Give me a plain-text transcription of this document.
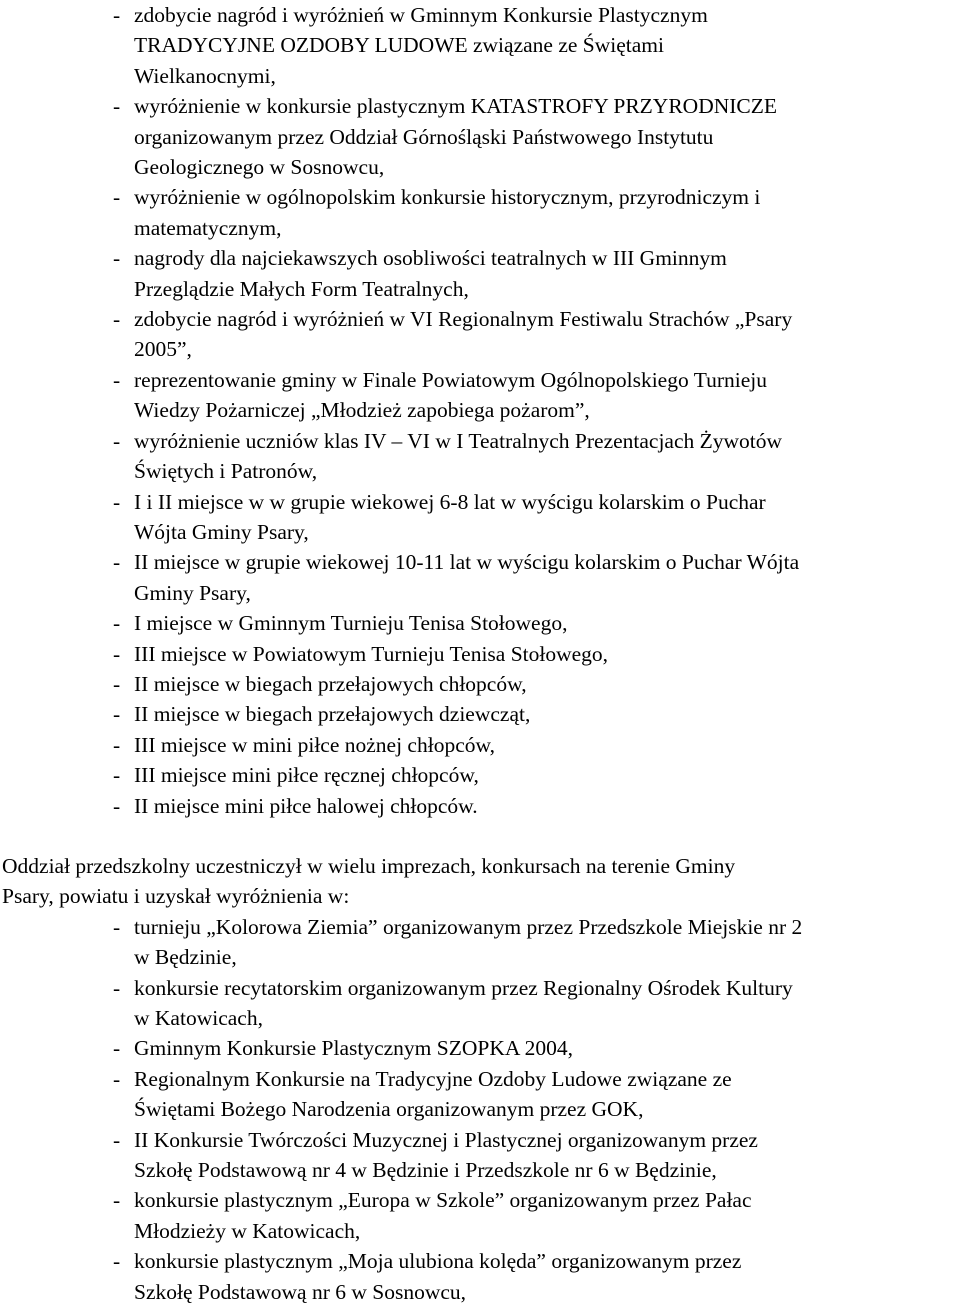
- zdobycie nagród i wyróżnień w Gminnym Konkursie Plastycznym
TRADYCYJNE OZDOBY LUDOWE związane ze Świętami
Wielkanocnymi,
- wyróżnienie w konkursie plastycznym KATASTROFY PRZYRODNICZE
organizowanym przez Oddział Górnośląski Państwowego Instytutu
Geologicznego w Sosnowcu,
- wyróżnienie w ogólnopolskim konkursie historycznym, przyrodniczym i
matematycznym,
- nagrody dla najciekawszych osobliwości teatralnych w III Gminnym
Przeglądzie Małych Form Teatralnych,
- zdobycie nagród i wyróżnień w VI Regionalnym Festiwalu Strachów „Psary
2005”,
- reprezentowanie gminy w Finale Powiatowym Ogólnopolskiego Turnieju
Wiedzy Pożarniczej „Młodzież zapobiega pożarom”,
- wyróżnienie uczniów klas IV – VI w I Teatralnych Prezentacjach Żywotów
Świętych i Patronów,
- I i II miejsce w w grupie wiekowej 6-8 lat w wyścigu kolarskim o Puchar
Wójta Gminy Psary,
- II miejsce w grupie wiekowej 10-11 lat w wyścigu kolarskim o Puchar Wójta
Gminy Psary,
- I miejsce w Gminnym Turnieju Tenisa Stołowego,
- III miejsce w Powiatowym Turnieju Tenisa Stołowego,
- II miejsce w biegach przełajowych chłopców,
- II miejsce w biegach przełajowych dziewcząt,
- III miejsce w mini piłce nożnej chłopców,
- III miejsce mini piłce ręcznej chłopców,
- II miejsce mini piłce halowej chłopców.

Oddział przedszkolny uczestniczył w wielu imprezach, konkursach na terenie Gminy
Psary, powiatu i uzyskał wyróżnienia w:

- turnieju „Kolorowa Ziemia” organizowanym przez Przedszkole Miejskie nr 2
w Będzinie,
- konkursie recytatorskim organizowanym przez Regionalny Ośrodek Kultury
w Katowicach,
- Gminnym Konkursie Plastycznym SZOPKA 2004,
- Regionalnym Konkursie na Tradycyjne Ozdoby Ludowe związane ze
Świętami Bożego Narodzenia organizowanym przez GOK,
- II Konkursie Twórczości Muzycznej i Plastycznej organizowanym przez
Szkołę Podstawową nr 4 w Będzinie i Przedszkole nr 6 w Będzinie,
- konkursie plastycznym „Europa w Szkole” organizowanym przez Pałac
Młodzieży w Katowicach,
- konkursie plastycznym „Moja ulubiona kolęda” organizowanym przez
Szkołę Podstawową nr 6 w Sosnowcu,
